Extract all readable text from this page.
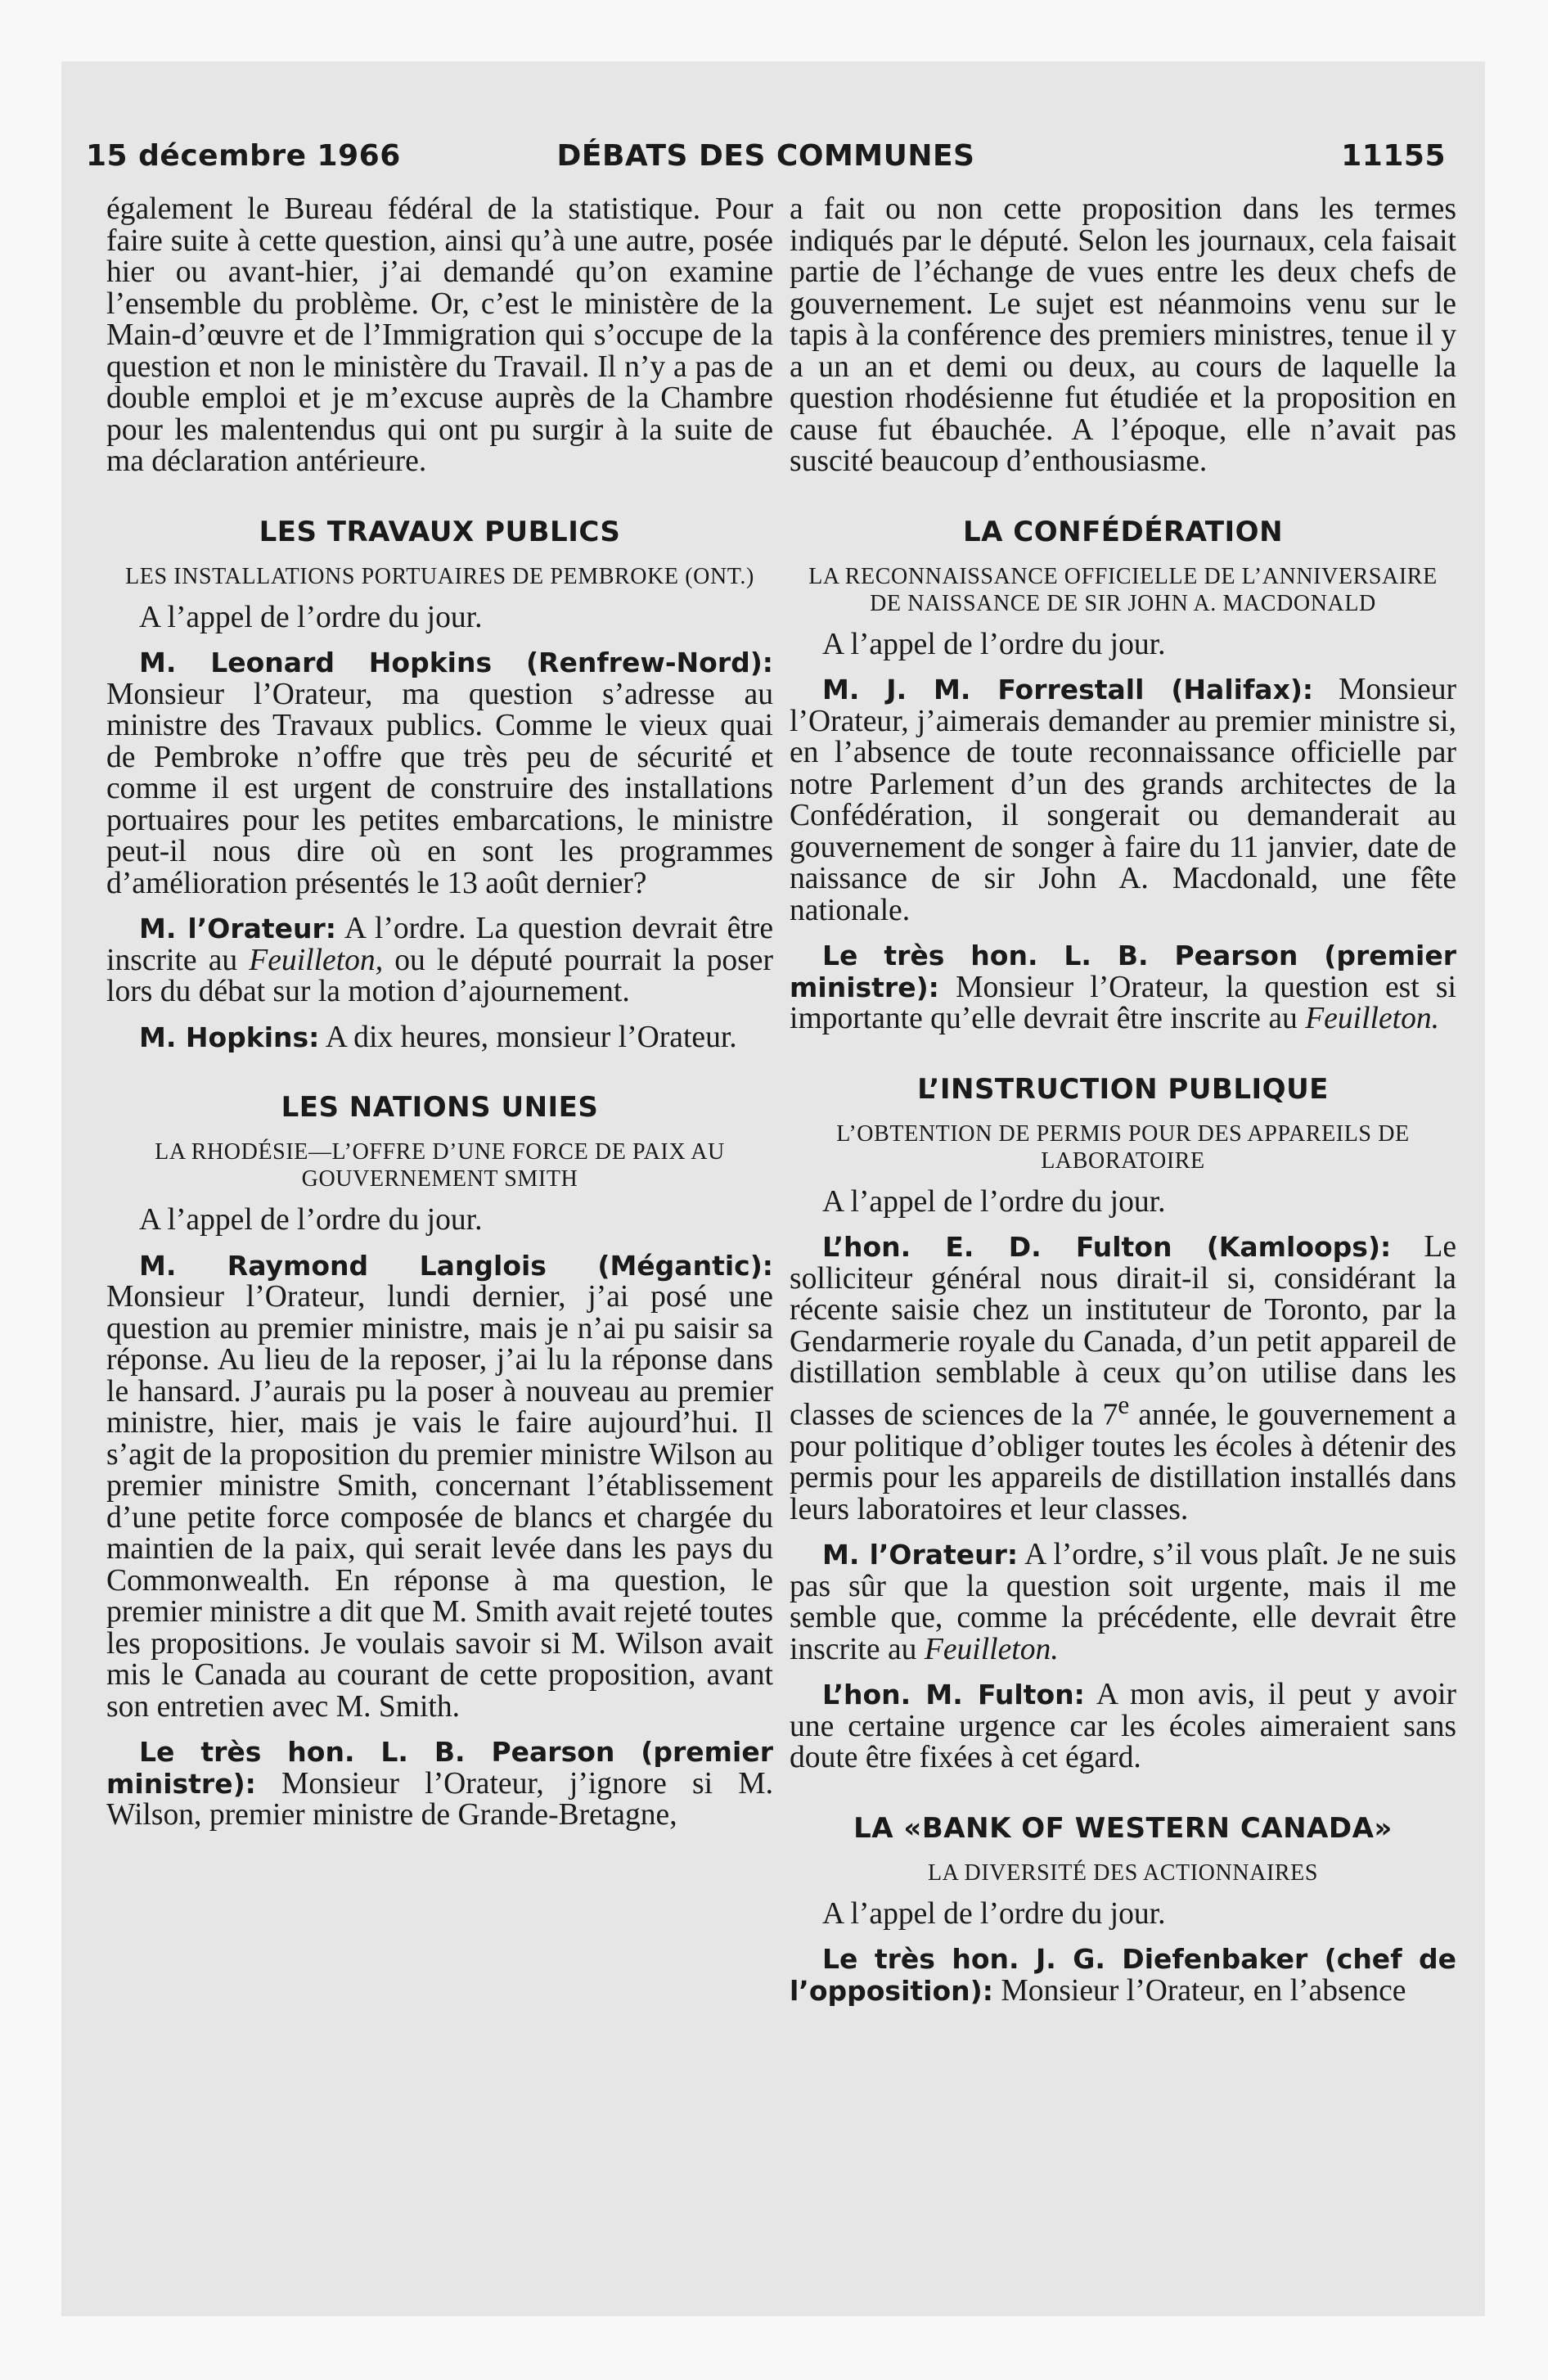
DÉBATS DES COMMUNES
15 décembre 1966	11155

également le Bureau fédéral de la statistique. Pour faire suite à cette question, ainsi qu’à une autre, posée hier ou avant-hier, j’ai demandé qu’on examine l’ensemble du problème. Or, c’est le ministère de la Main-d’œuvre et de l’Immigration qui s’occupe de la question et non le ministère du Travail. Il n’y a pas de double emploi et je m’excuse auprès de la Chambre pour les malentendus qui ont pu surgir à la suite de ma déclaration antérieure.

LES TRAVAUX PUBLICS
LES INSTALLATIONS PORTUAIRES DE PEMBROKE (ONT.)

A l’appel de l’ordre du jour.

M. Leonard Hopkins (Renfrew-Nord): Monsieur l’Orateur, ma question s’adresse au ministre des Travaux publics. Comme le vieux quai de Pembroke n’offre que très peu de sécurité et comme il est urgent de construire des installations portuaires pour les petites embarcations, le ministre peut-il nous dire où en sont les programmes d’amélioration présentés le 13 août dernier?

M. l’Orateur: A l’ordre. La question devrait être inscrite au Feuilleton, ou le député pourrait la poser lors du débat sur la motion d’ajournement.

M. Hopkins: A dix heures, monsieur l’Orateur.

LES NATIONS UNIES
LA RHODÉSIE—L’OFFRE D’UNE FORCE DE PAIX AU GOUVERNEMENT SMITH

A l’appel de l’ordre du jour.

M. Raymond Langlois (Mégantic): Monsieur l’Orateur, lundi dernier, j’ai posé une question au premier ministre, mais je n’ai pu saisir sa réponse. Au lieu de la reposer, j’ai lu la réponse dans le hansard. J’aurais pu la poser à nouveau au premier ministre, hier, mais je vais le faire aujourd’hui. Il s’agit de la proposition du premier ministre Wilson au premier ministre Smith, concernant l’établissement d’une petite force composée de blancs et chargée du maintien de la paix, qui serait levée dans les pays du Commonwealth. En réponse à ma question, le premier ministre a dit que M. Smith avait rejeté toutes les propositions. Je voulais savoir si M. Wilson avait mis le Canada au courant de cette proposition, avant son entretien avec M. Smith.

Le très hon. L. B. Pearson (premier ministre): Monsieur l’Orateur, j’ignore si M. Wilson, premier ministre de Grande-Bretagne,

a fait ou non cette proposition dans les termes indiqués par le député. Selon les journaux, cela faisait partie de l’échange de vues entre les deux chefs de gouvernement. Le sujet est néanmoins venu sur le tapis à la conférence des premiers ministres, tenue il y a un an et demi ou deux, au cours de laquelle la question rhodésienne fut étudiée et la proposition en cause fut ébauchée. A l’époque, elle n’avait pas suscité beaucoup d’enthousiasme.

LA CONFÉDÉRATION
LA RECONNAISSANCE OFFICIELLE DE L’ANNIVERSAIRE DE NAISSANCE DE SIR JOHN A. MACDONALD

A l’appel de l’ordre du jour.

M. J. M. Forrestall (Halifax): Monsieur l’Orateur, j’aimerais demander au premier ministre si, en l’absence de toute reconnaissance officielle par notre Parlement d’un des grands architectes de la Confédération, il songerait ou demanderait au gouvernement de songer à faire du 11 janvier, date de naissance de sir John A. Macdonald, une fête nationale.

Le très hon. L. B. Pearson (premier ministre): Monsieur l’Orateur, la question est si importante qu’elle devrait être inscrite au Feuilleton.

L’INSTRUCTION PUBLIQUE
L’OBTENTION DE PERMIS POUR DES APPAREILS DE LABORATOIRE

A l’appel de l’ordre du jour.

L’hon. E. D. Fulton (Kamloops): Le solliciteur général nous dirait-il si, considérant la récente saisie chez un instituteur de Toronto, par la Gendarmerie royale du Canada, d’un petit appareil de distillation semblable à ceux qu’on utilise dans les classes de sciences de la 7e année, le gouvernement a pour politique d’obliger toutes les écoles à détenir des permis pour les appareils de distillation installés dans leurs laboratoires et leur classes.

M. l’Orateur: A l’ordre, s’il vous plaît. Je ne suis pas sûr que la question soit urgente, mais il me semble que, comme la précédente, elle devrait être inscrite au Feuilleton.

L’hon. M. Fulton: A mon avis, il peut y avoir une certaine urgence car les écoles aimeraient sans doute être fixées à cet égard.

LA «BANK OF WESTERN CANADA»
LA DIVERSITÉ DES ACTIONNAIRES

A l’appel de l’ordre du jour.

Le très hon. J. G. Diefenbaker (chef de l’opposition): Monsieur l’Orateur, en l’absence
